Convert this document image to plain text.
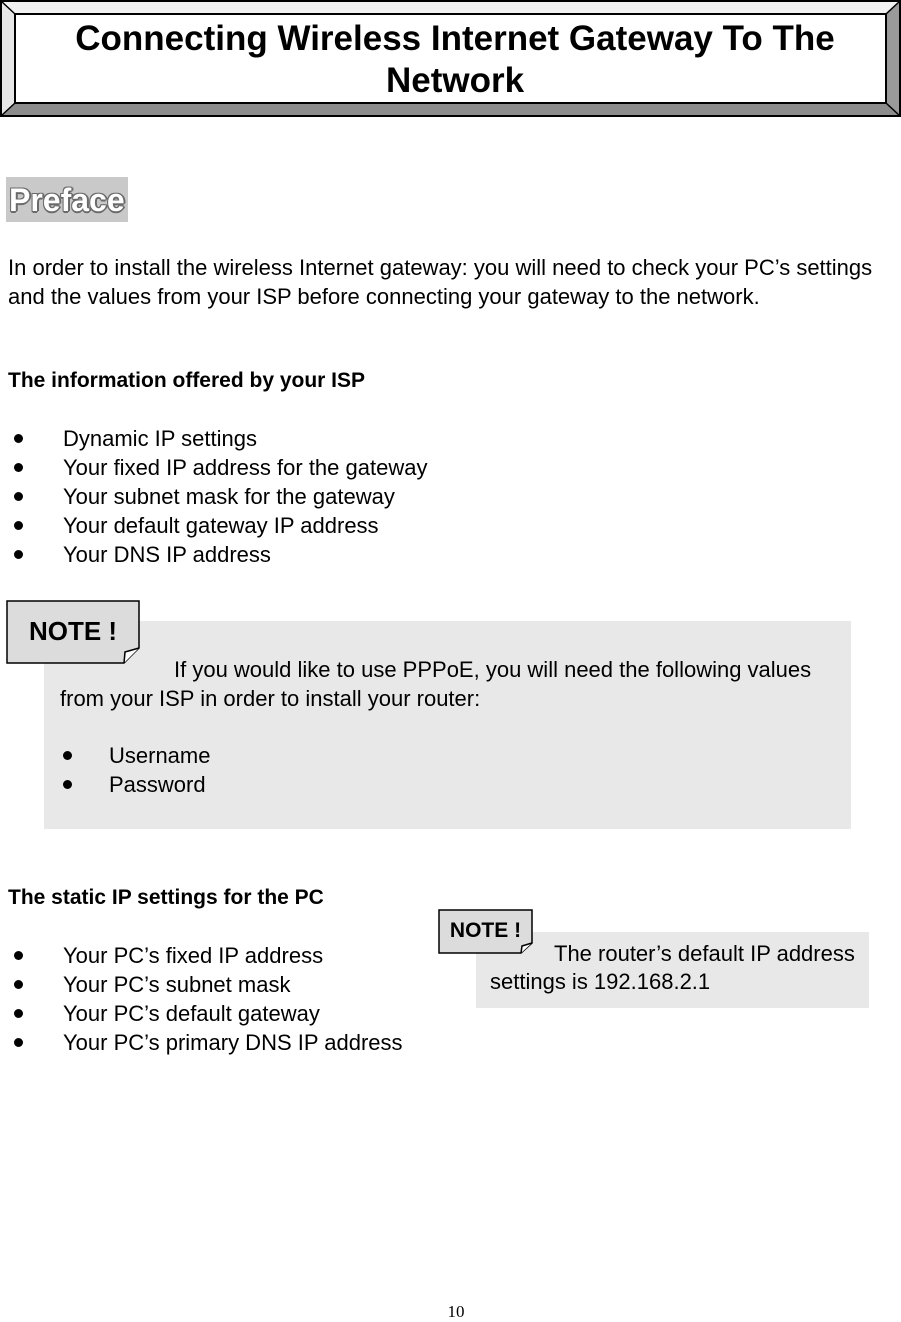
Connecting Wireless Internet Gateway To The Network
Preface
In order to install the wireless Internet gateway: you will need to check your PC’s settings and the values from your ISP before connecting your gateway to the network.
The information offered by your ISP
Dynamic IP settings
Your fixed IP address for the gateway
Your subnet mask for the gateway
Your default gateway IP address
Your DNS IP address
If you would like to use PPPoE, you will need the following values from your ISP in order to install your router:
Username
Password
NOTE !
The static IP settings for the PC
Your PC’s fixed IP address
Your PC’s subnet mask
Your PC’s default gateway
Your PC’s primary DNS IP address
The router’s default IP address settings is 192.168.2.1
NOTE !
10
